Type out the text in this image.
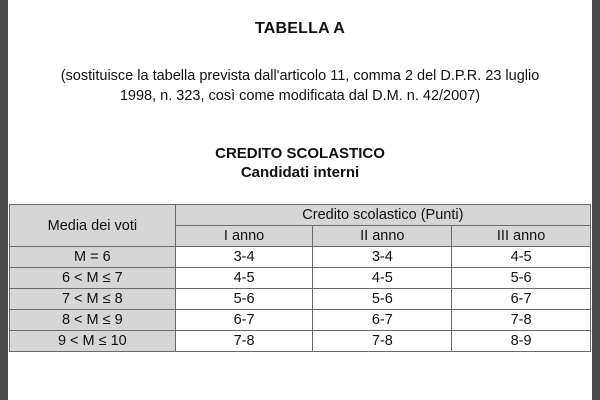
TABELLA A
(sostituisce la tabella prevista dall'articolo 11, comma 2 del D.P.R. 23 luglio
1998, n. 323, così come modificata dal D.M. n. 42/2007)
CREDITO SCOLASTICO
Candidati interni
Media dei voti	Credito scolastico (Punti)		
	I anno	II anno	III anno
M = 6	3-4	3-4	4-5
6 < M ≤ 7	4-5	4-5	5-6
7 < M ≤ 8	5-6	5-6	6-7
8 < M ≤ 9	6-7	6-7	7-8
9 < M ≤ 10	7-8	7-8	8-9
